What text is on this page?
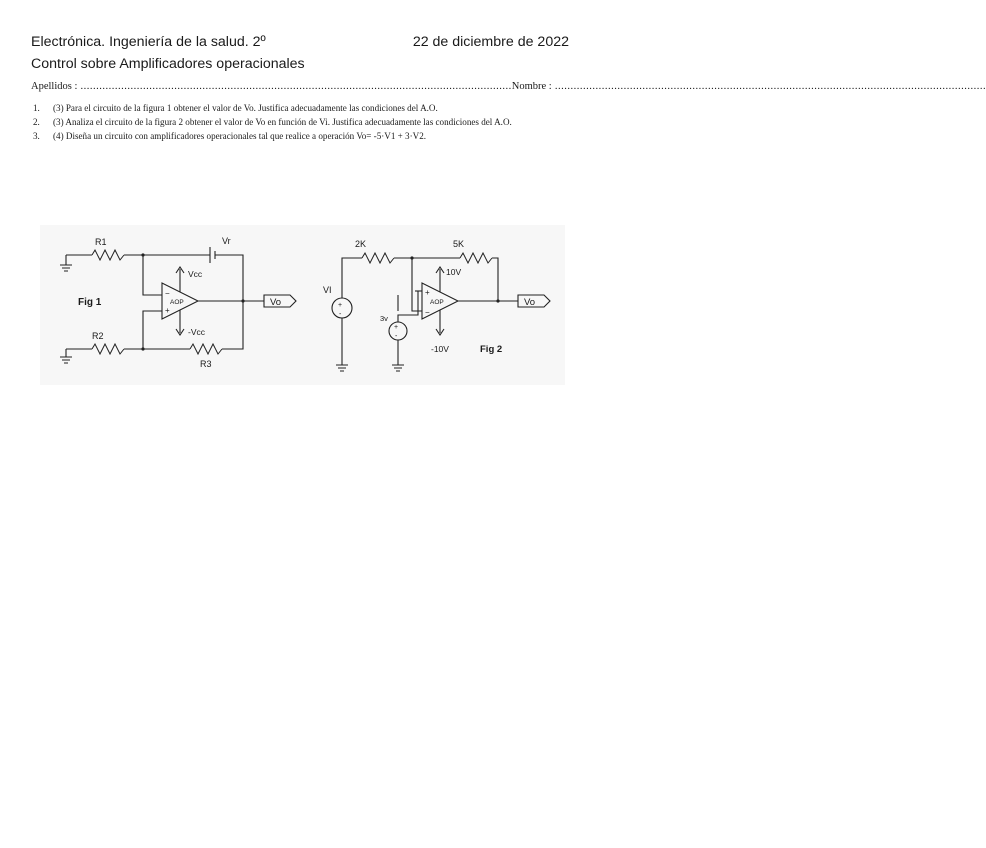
Electrónica. Ingeniería de la salud. 2º	22 de diciembre de 2022
Control sobre Amplificadores operacionales
Apellidos : .......................................................................................................................................... Nombre : ..........................................................................................................................................
1.	(3) Para el circuito de la figura 1 obtener el valor de Vo. Justifica adecuadamente las condiciones del A.O.
2.	(3) Analiza el circuito de la figura 2 obtener el valor de Vo en función de Vi. Justifica adecuadamente las condiciones del A.O.
3.	(4) Diseña un circuito con amplificadores operacionales tal que realice a operación Vo= -5·V1 + 3·V2.
R1	Vr
AOP
−
+
Vcc
-Vcc
Vo
R2
R3
Fig 1	+
-
VI
2K	5K
AOP
+
−
+
-
3v
10V
-10V
Vo
Fig 2
